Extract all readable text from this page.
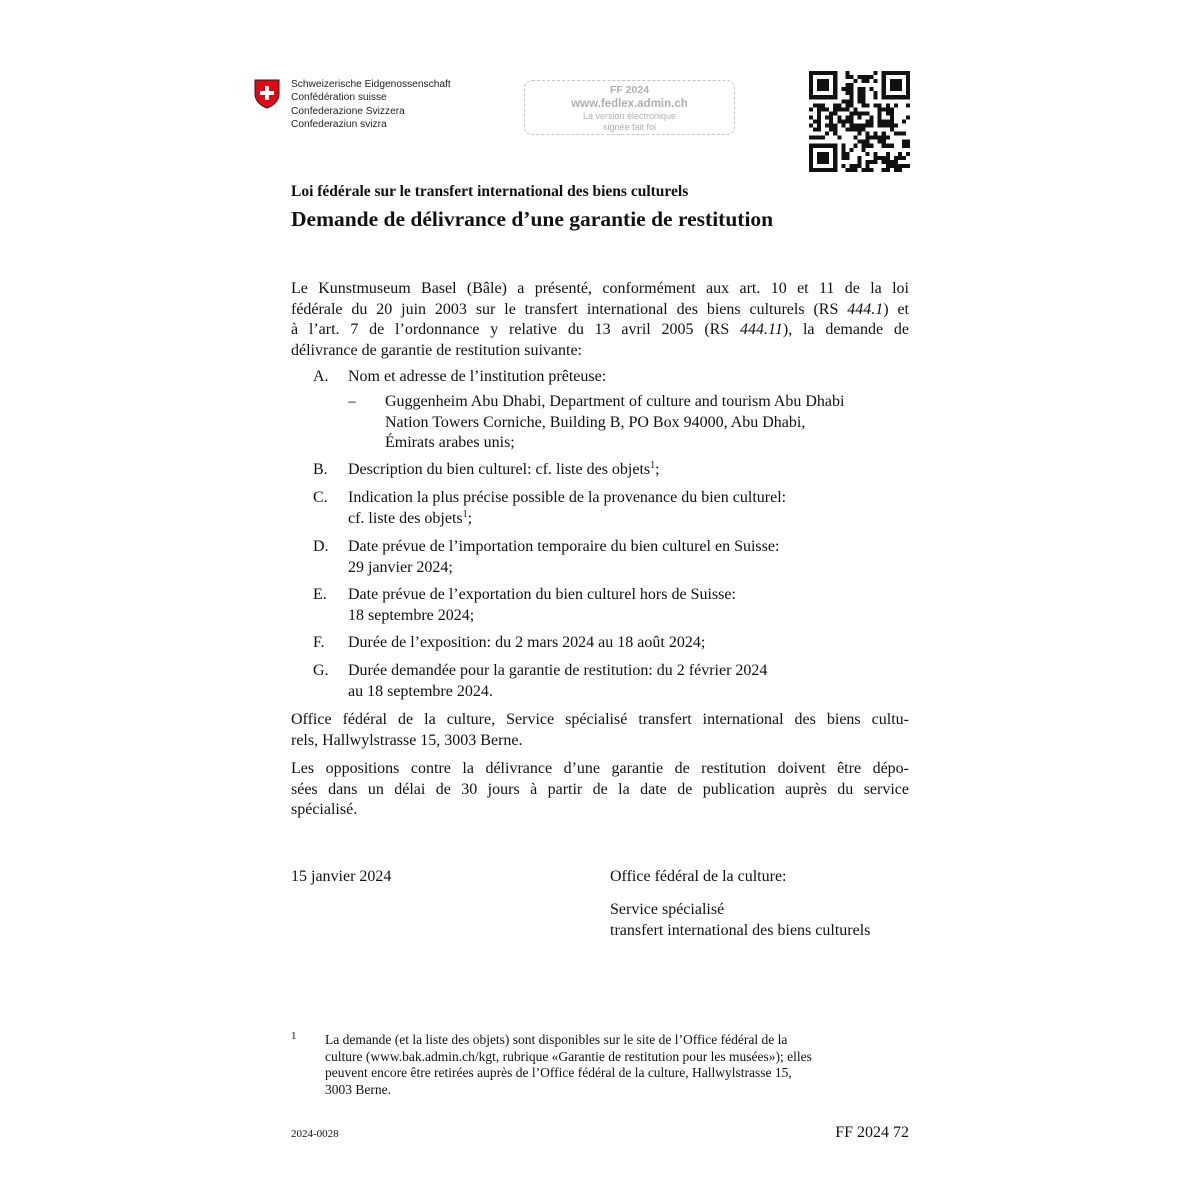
Schweizerische Eidgenossenschaft
Confédération suisse
Confederazione Svizzera
Confederaziun svizra
FF 2024
www.fedlex.admin.ch
La version électronique
signée fait foi
Loi fédérale sur le transfert international des biens culturels
Demande de délivrance d’une garantie de restitution
Le Kunstmuseum Basel (Bâle) a présenté, conformément aux art. 10 et 11 de la loi
fédérale du 20 juin 2003 sur le transfert international des biens culturels (RS 444.1) et
à l’art. 7 de l’ordonnance y relative du 13 avril 2005 (RS 444.11), la demande de
délivrance de garantie de restitution suivante:
A. Nom et adresse de l’institution prêteuse:
– Guggenheim Abu Dhabi, Department of culture and tourism Abu Dhabi
Nation Towers Corniche, Building B, PO Box 94000, Abu Dhabi,
Émirats arabes unis;
B. Description du bien culturel: cf. liste des objets$^1$;
C. Indication la plus précise possible de la provenance du bien culturel:
cf. liste des objets$^1$;
D. Date prévue de l’importation temporaire du bien culturel en Suisse:
29 janvier 2024;
E. Date prévue de l’exportation du bien culturel hors de Suisse:
18 septembre 2024;
F. Durée de l’exposition: du 2 mars 2024 au 18 août 2024;
G. Durée demandée pour la garantie de restitution: du 2 février 2024
au 18 septembre 2024.
Office fédéral de la culture, Service spécialisé transfert international des biens cultu-
rels, Hallwylstrasse 15, 3003 Berne.
Les oppositions contre la délivrance d’une garantie de restitution doivent être dépo-
sées dans un délai de 30 jours à partir de la date de publication auprès du service
spécialisé.
15 janvier 2024	Office fédéral de la culture:
Service spécialisé
transfert international des biens culturels
1 La demande (et la liste des objets) sont disponibles sur le site de l’Office fédéral de la
culture (www.bak.admin.ch/kgt, rubrique «Garantie de restitution pour les musées»); elles
peuvent encore être retirées auprès de l’Office fédéral de la culture, Hallwylstrasse 15,
3003 Berne.
2024-0028	FF 2024 72
